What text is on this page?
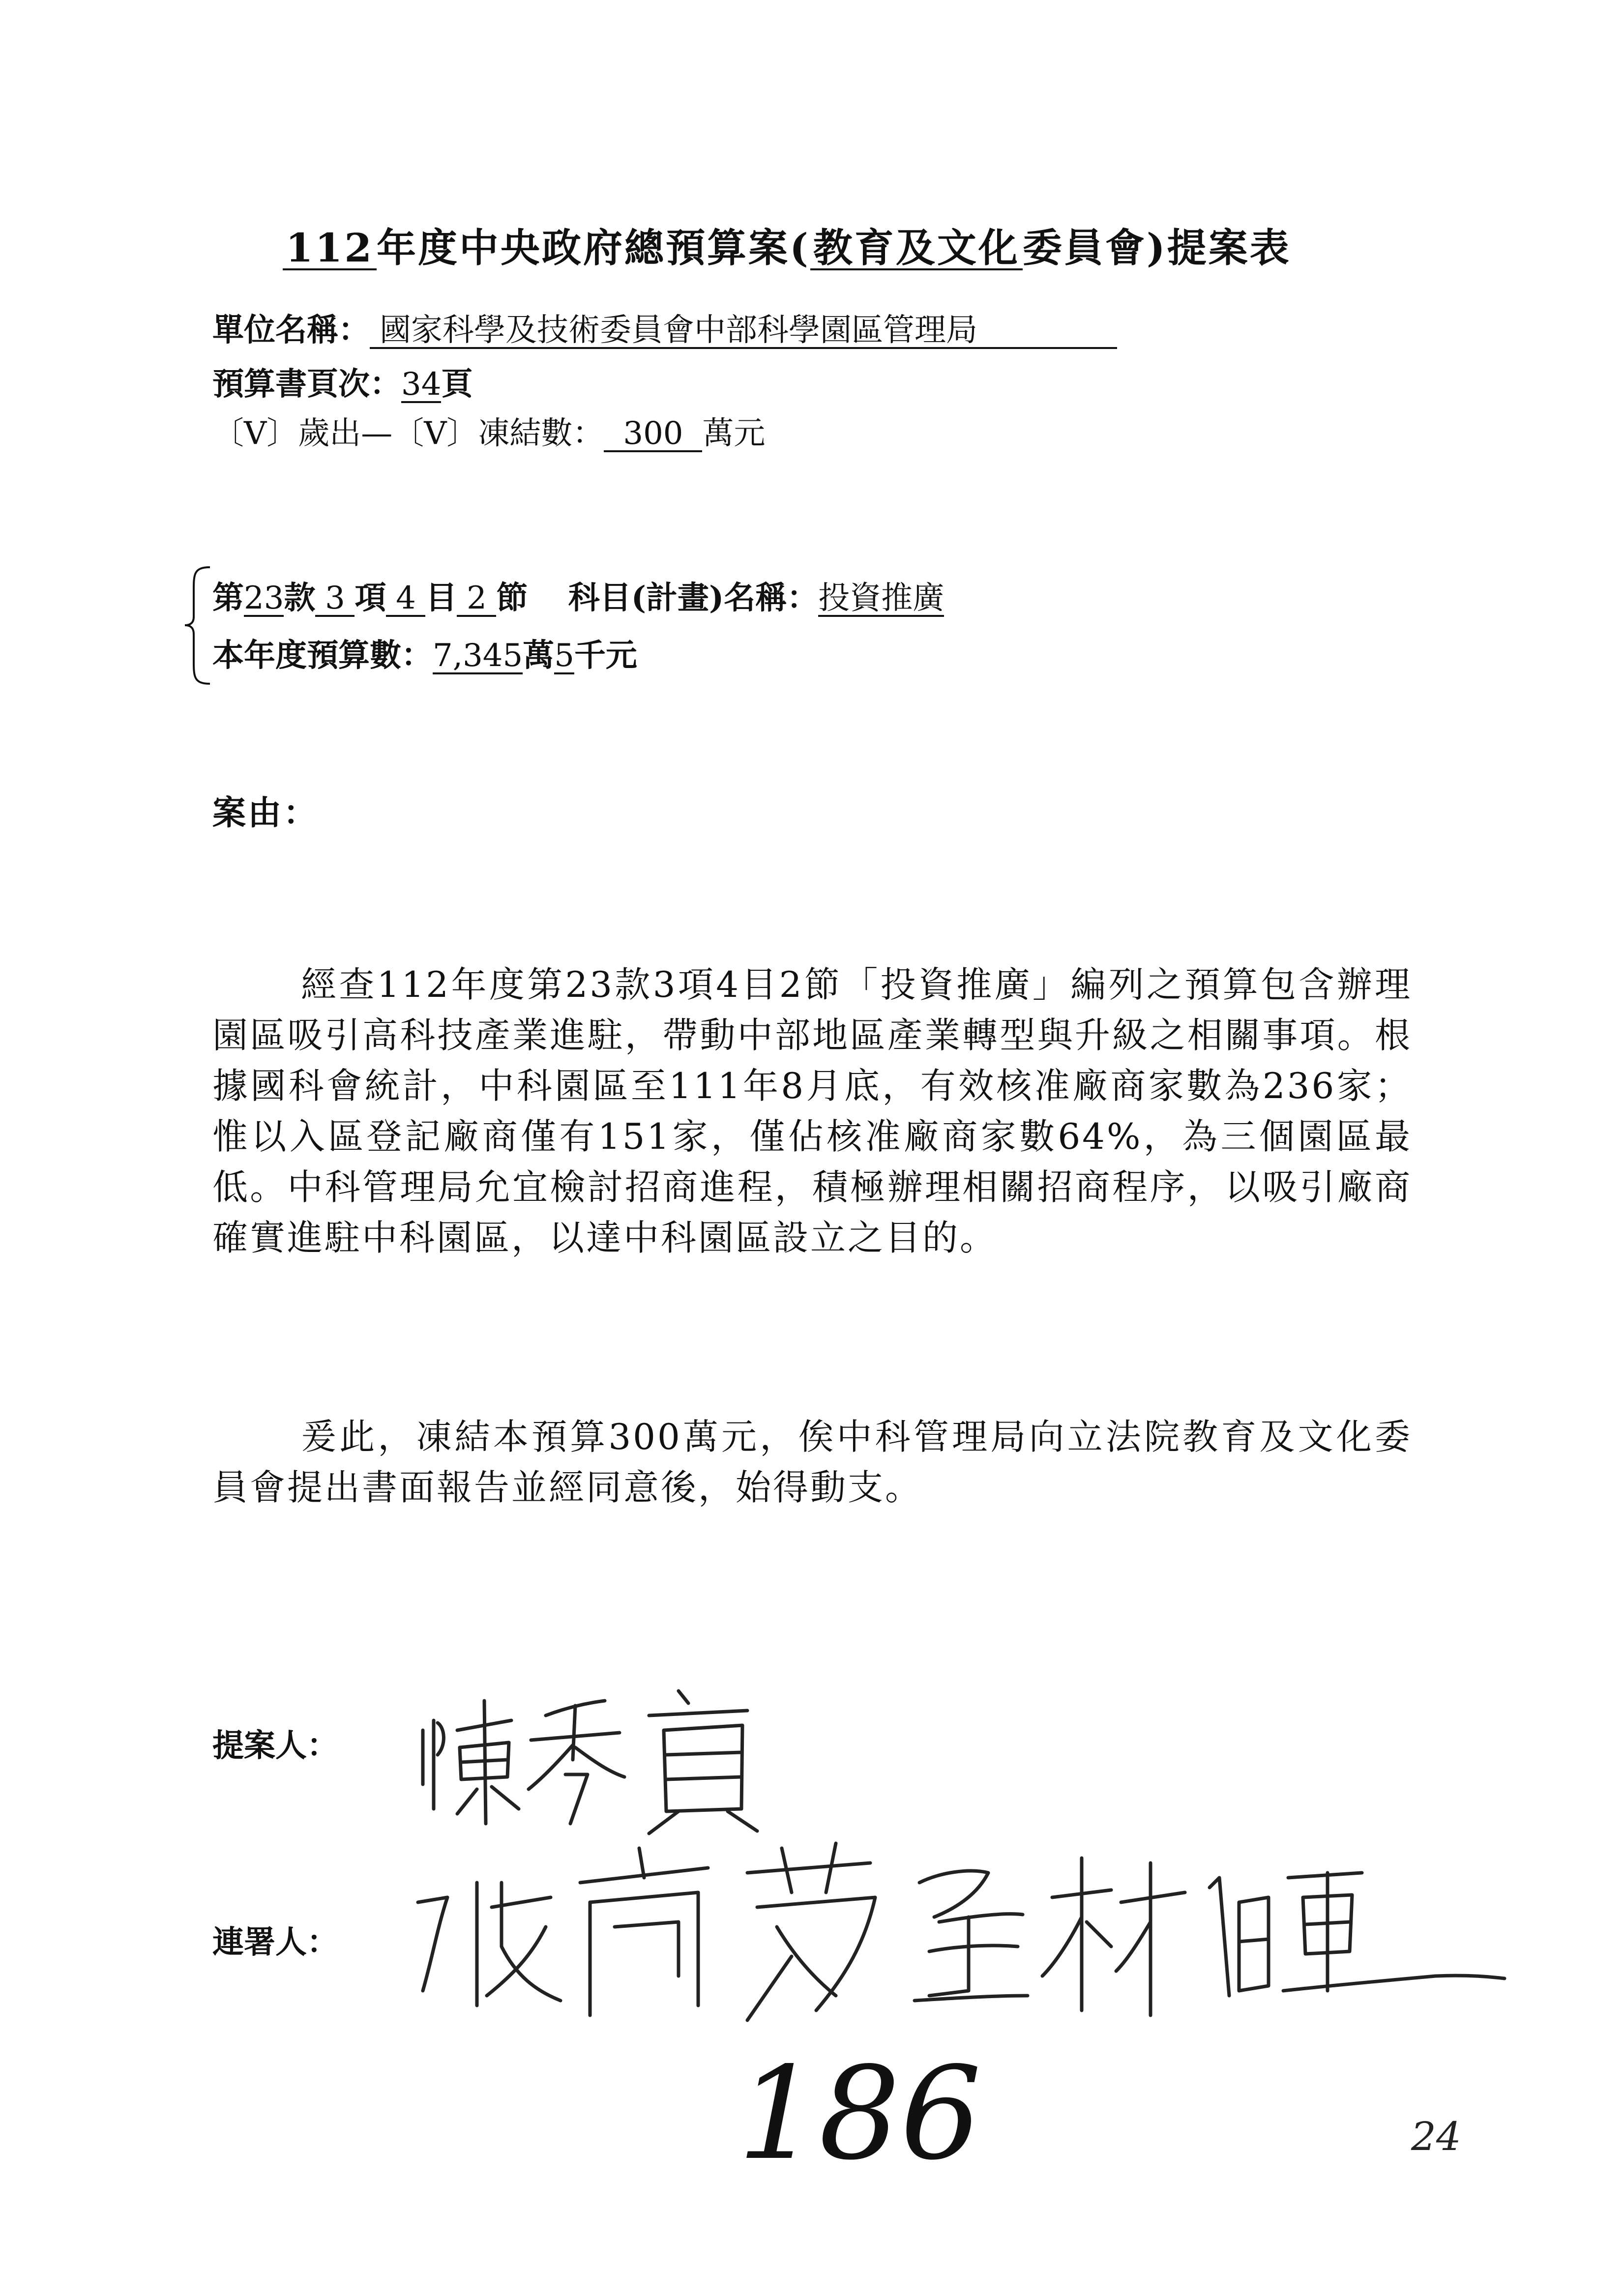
112年度中央政府總預算案(教育及文化委員會)提案表
單位名稱： 國家科學及技術委員會中部科學園區管理局
預算書頁次：34頁
〔V〕歲出—〔V〕凍結數： 300 萬元
第23款 3 項 4 目 2 節 科目(計畫)名稱：投資推廣
本年度預算數：7,345萬5千元
案由：

經查112年度第23款3項4目2節「投資推廣」編列之預算包含辦理園區吸引高科技產業進駐，帶動中部地區產業轉型與升級之相關事項。根據國科會統計，中科園區至111年8月底，有效核准廠商家數為236家；惟以入區登記廠商僅有151家，僅佔核准廠商家數64%，為三個園區最低。中科管理局允宜檢討招商進程，積極辦理相關招商程序，以吸引廠商確實進駐中科園區，以達中科園區設立之目的。

爰此，凍結本預算300萬元，俟中科管理局向立法院教育及文化委員會提出書面報告並經同意後，始得動支。

提案人：
連署人：
186	24
